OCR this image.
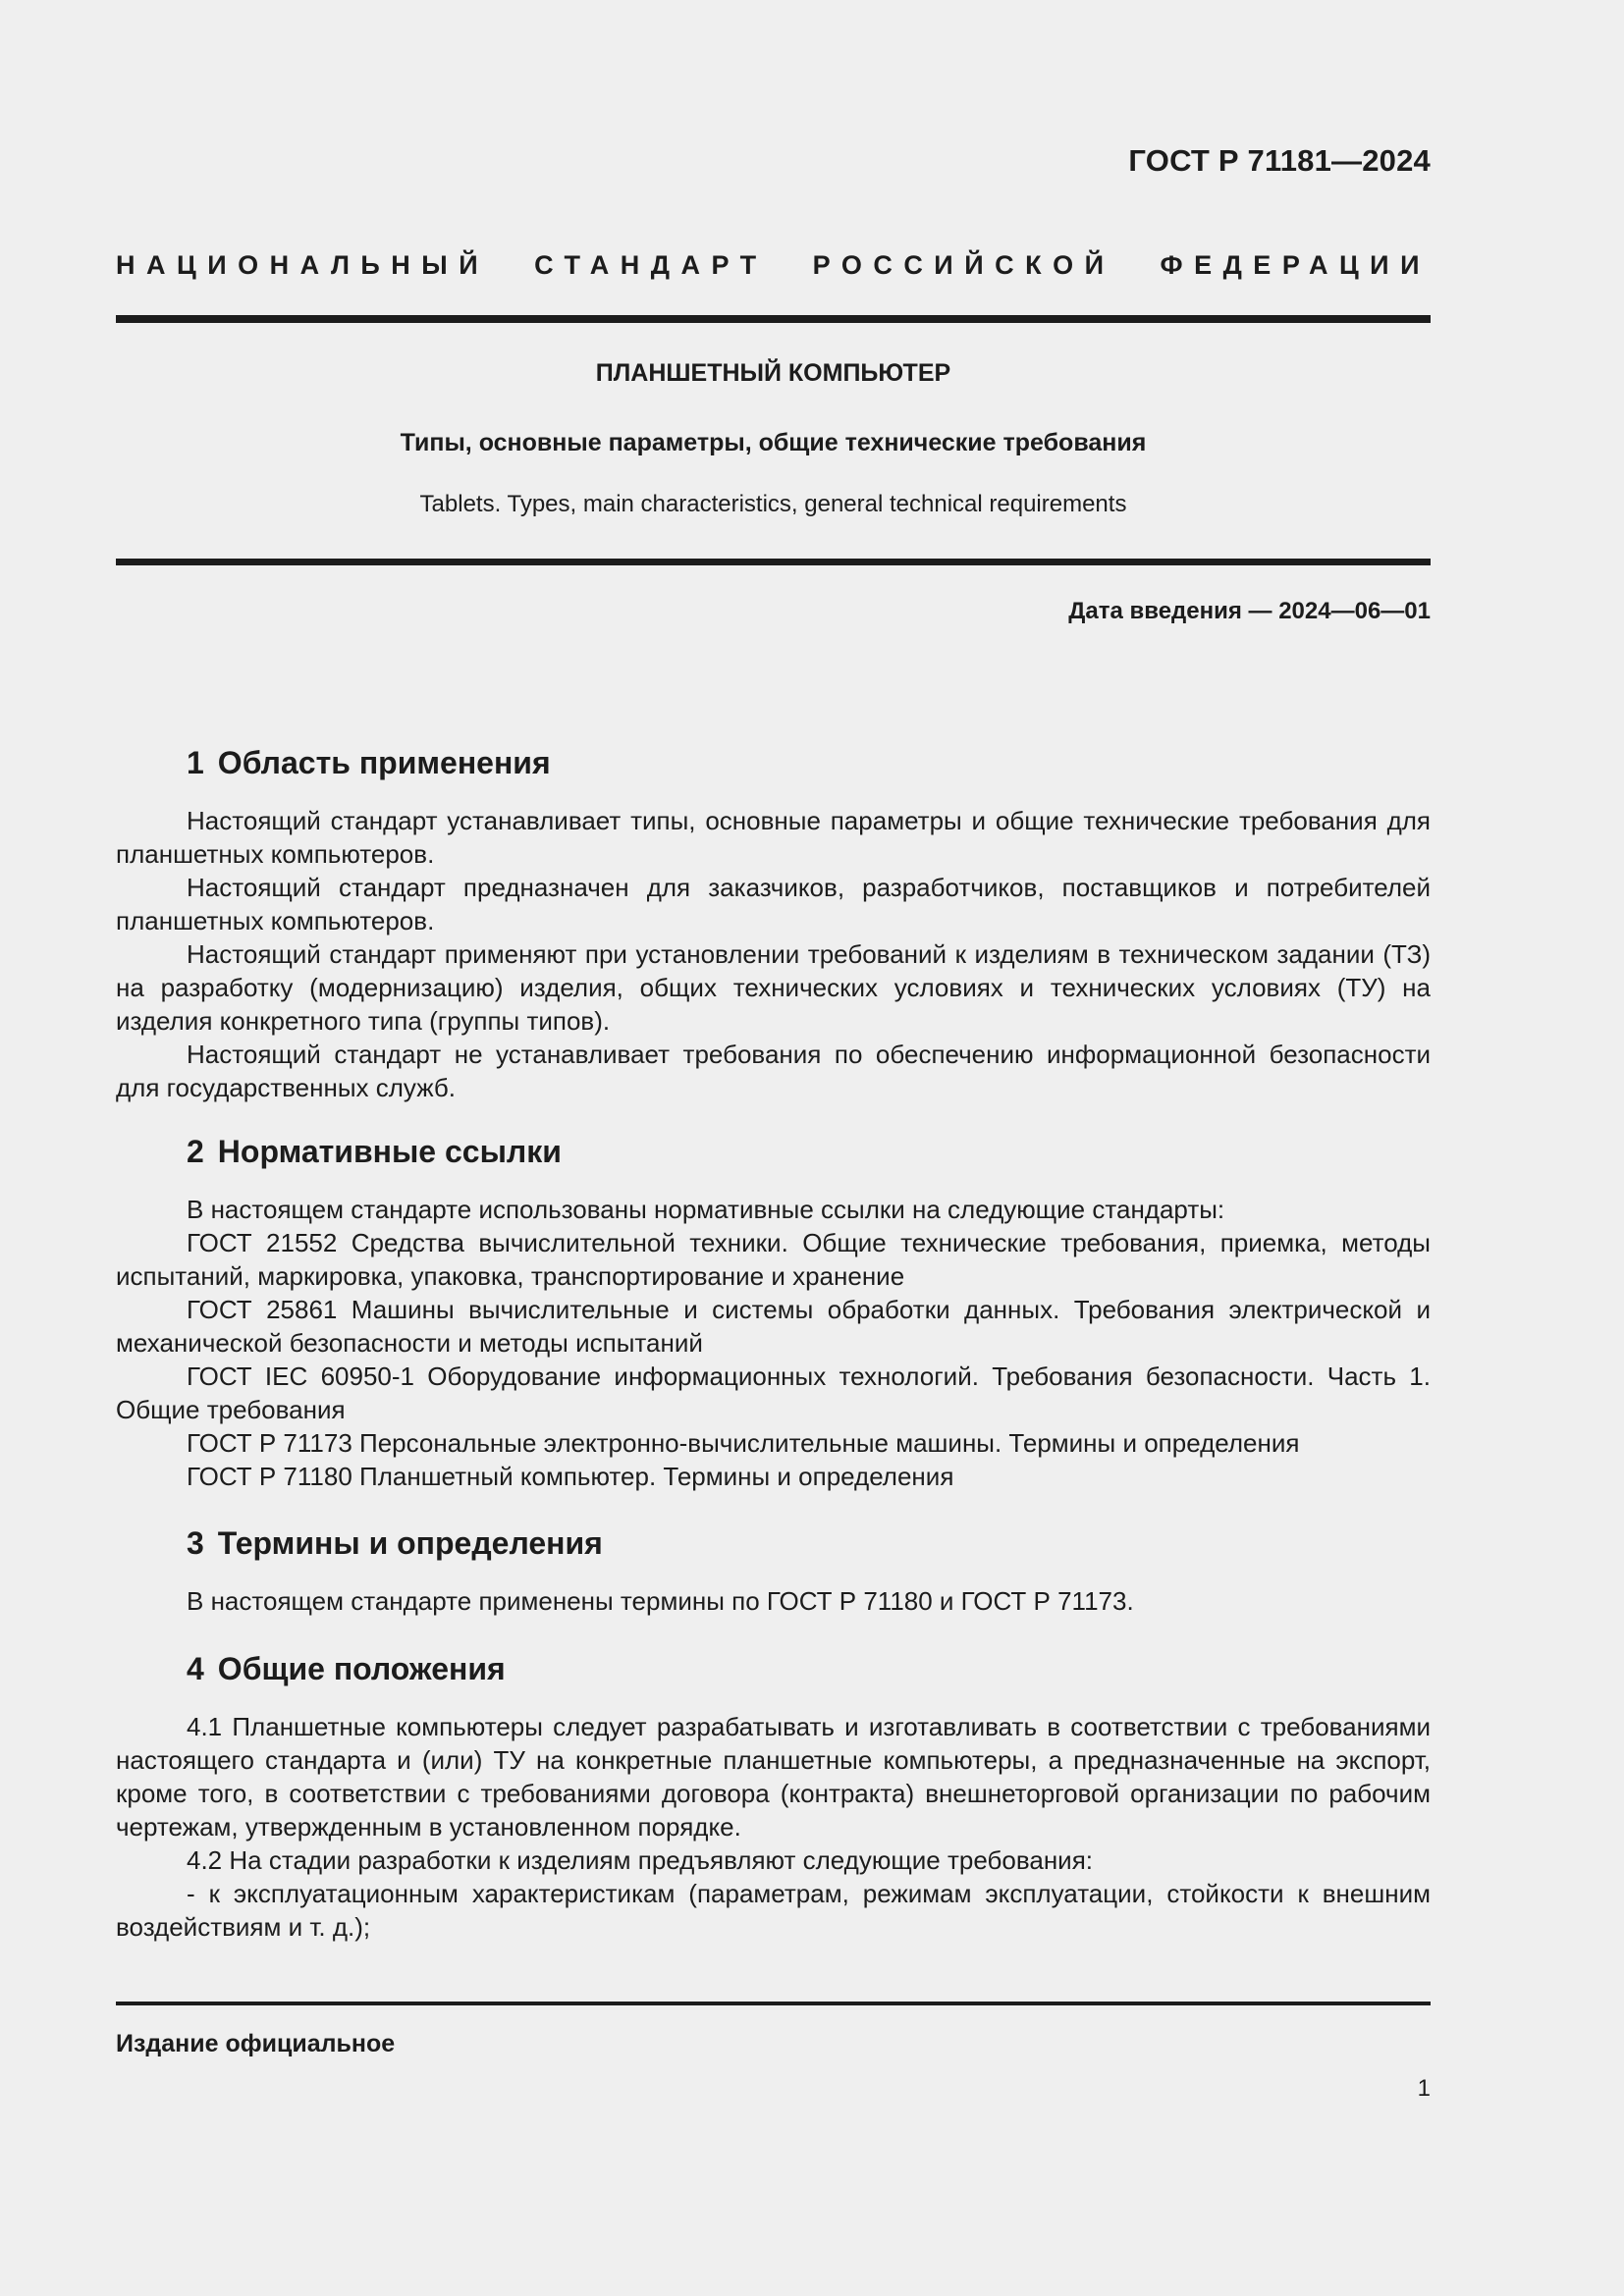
ГОСТ Р 71181—2024
НАЦИОНАЛЬНЫЙ СТАНДАРТ РОССИЙСКОЙ ФЕДЕРАЦИИ
ПЛАНШЕТНЫЙ КОМПЬЮТЕР
Типы, основные параметры, общие технические требования
Tablets. Types, main characteristics, general technical requirements
Дата введения — 2024—06—01
1 Область применения

Настоящий стандарт устанавливает типы, основные параметры и общие технические требования для планшетных компьютеров.

Настоящий стандарт предназначен для заказчиков, разработчиков, поставщиков и потребителей планшетных компьютеров.

Настоящий стандарт применяют при установлении требований к изделиям в техническом задании (ТЗ) на разработку (модернизацию) изделия, общих технических условиях и технических условиях (ТУ) на изделия конкретного типа (группы типов).

Настоящий стандарт не устанавливает требования по обеспечению информационной безопасности для государственных служб.

2 Нормативные ссылки

В настоящем стандарте использованы нормативные ссылки на следующие стандарты:

ГОСТ 21552 Средства вычислительной техники. Общие технические требования, приемка, методы испытаний, маркировка, упаковка, транспортирование и хранение

ГОСТ 25861 Машины вычислительные и системы обработки данных. Требования электрической и механической безопасности и методы испытаний

ГОСТ IEC 60950-1 Оборудование информационных технологий. Требования безопасности. Часть 1. Общие требования

ГОСТ Р 71173 Персональные электронно-вычислительные машины. Термины и определения

ГОСТ Р 71180 Планшетный компьютер. Термины и определения

3 Термины и определения

В настоящем стандарте применены термины по ГОСТ Р 71180 и ГОСТ Р 71173.

4 Общие положения

4.1 Планшетные компьютеры следует разрабатывать и изготавливать в соответствии с требованиями настоящего стандарта и (или) ТУ на конкретные планшетные компьютеры, а предназначенные на экспорт, кроме того, в соответствии с требованиями договора (контракта) внешнеторговой организации по рабочим чертежам, утвержденным в установленном порядке.

4.2 На стадии разработки к изделиям предъявляют следующие требования:

- к эксплуатационным характеристикам (параметрам, режимам эксплуатации, стойкости к внешним воздействиям и т. д.);

Издание официальное
1
